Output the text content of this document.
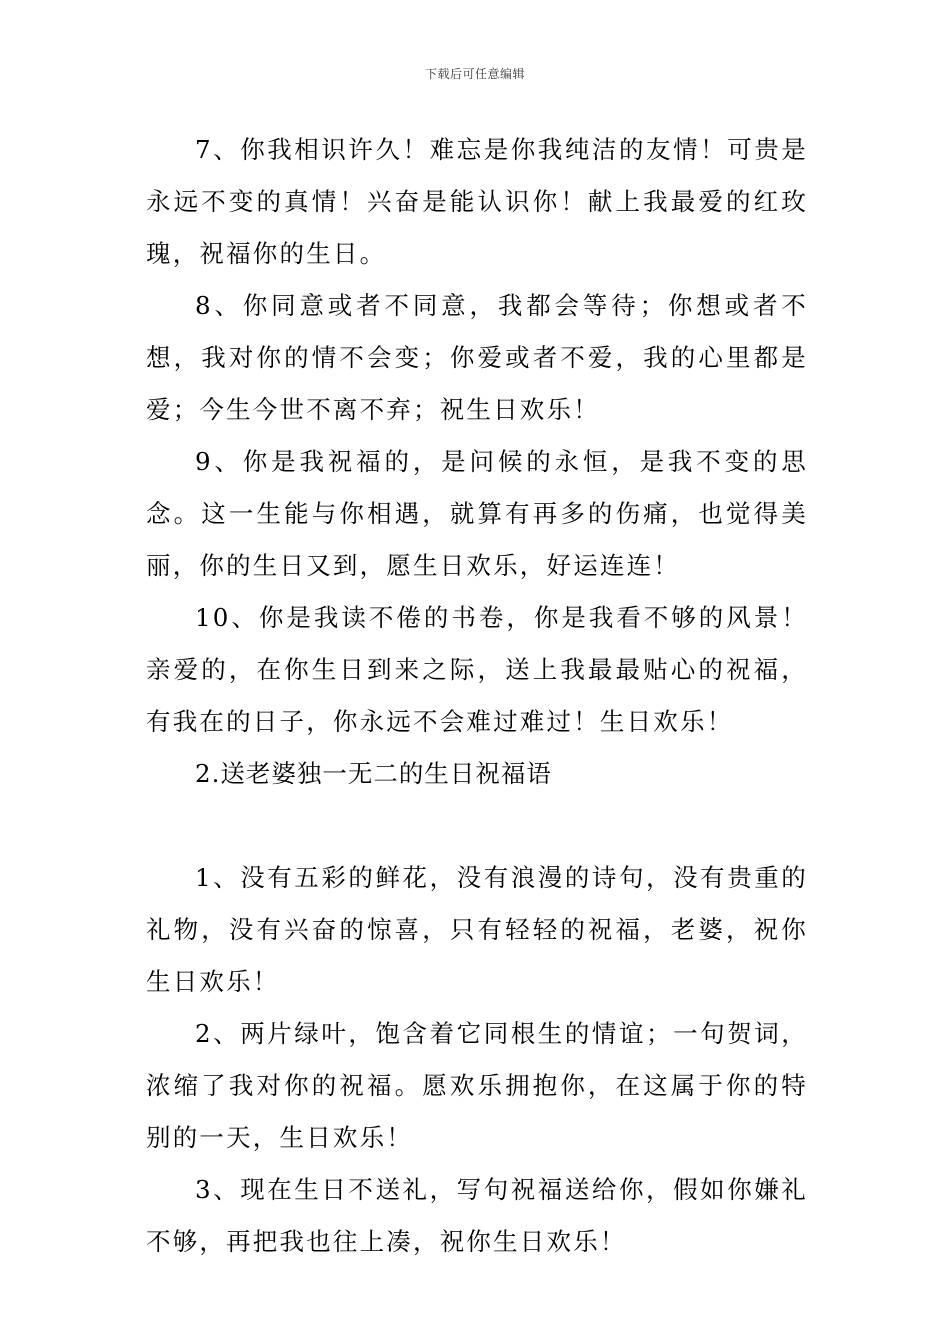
下载后可任意编辑

7、你我相识许久！难忘是你我纯洁的友情！可贵是永远不变的真情！兴奋是能认识你！献上我最爱的红玫瑰，祝福你的生日。

8、你同意或者不同意，我都会等待；你想或者不想，我对你的情不会变；你爱或者不爱，我的心里都是爱；今生今世不离不弃；祝生日欢乐！

9、你是我祝福的，是问候的永恒，是我不变的思念。这一生能与你相遇，就算有再多的伤痛，也觉得美丽，你的生日又到，愿生日欢乐，好运连连！

10、你是我读不倦的书卷，你是我看不够的风景！亲爱的，在你生日到来之际，送上我最最贴心的祝福，有我在的日子，你永远不会难过难过！生日欢乐！

2.送老婆独一无二的生日祝福语

1、没有五彩的鲜花，没有浪漫的诗句，没有贵重的礼物，没有兴奋的惊喜，只有轻轻的祝福，老婆，祝你生日欢乐！

2、两片绿叶，饱含着它同根生的情谊；一句贺词，浓缩了我对你的祝福。愿欢乐拥抱你，在这属于你的特别的一天，生日欢乐！

3、现在生日不送礼，写句祝福送给你，假如你嫌礼不够，再把我也往上凑，祝你生日欢乐！
